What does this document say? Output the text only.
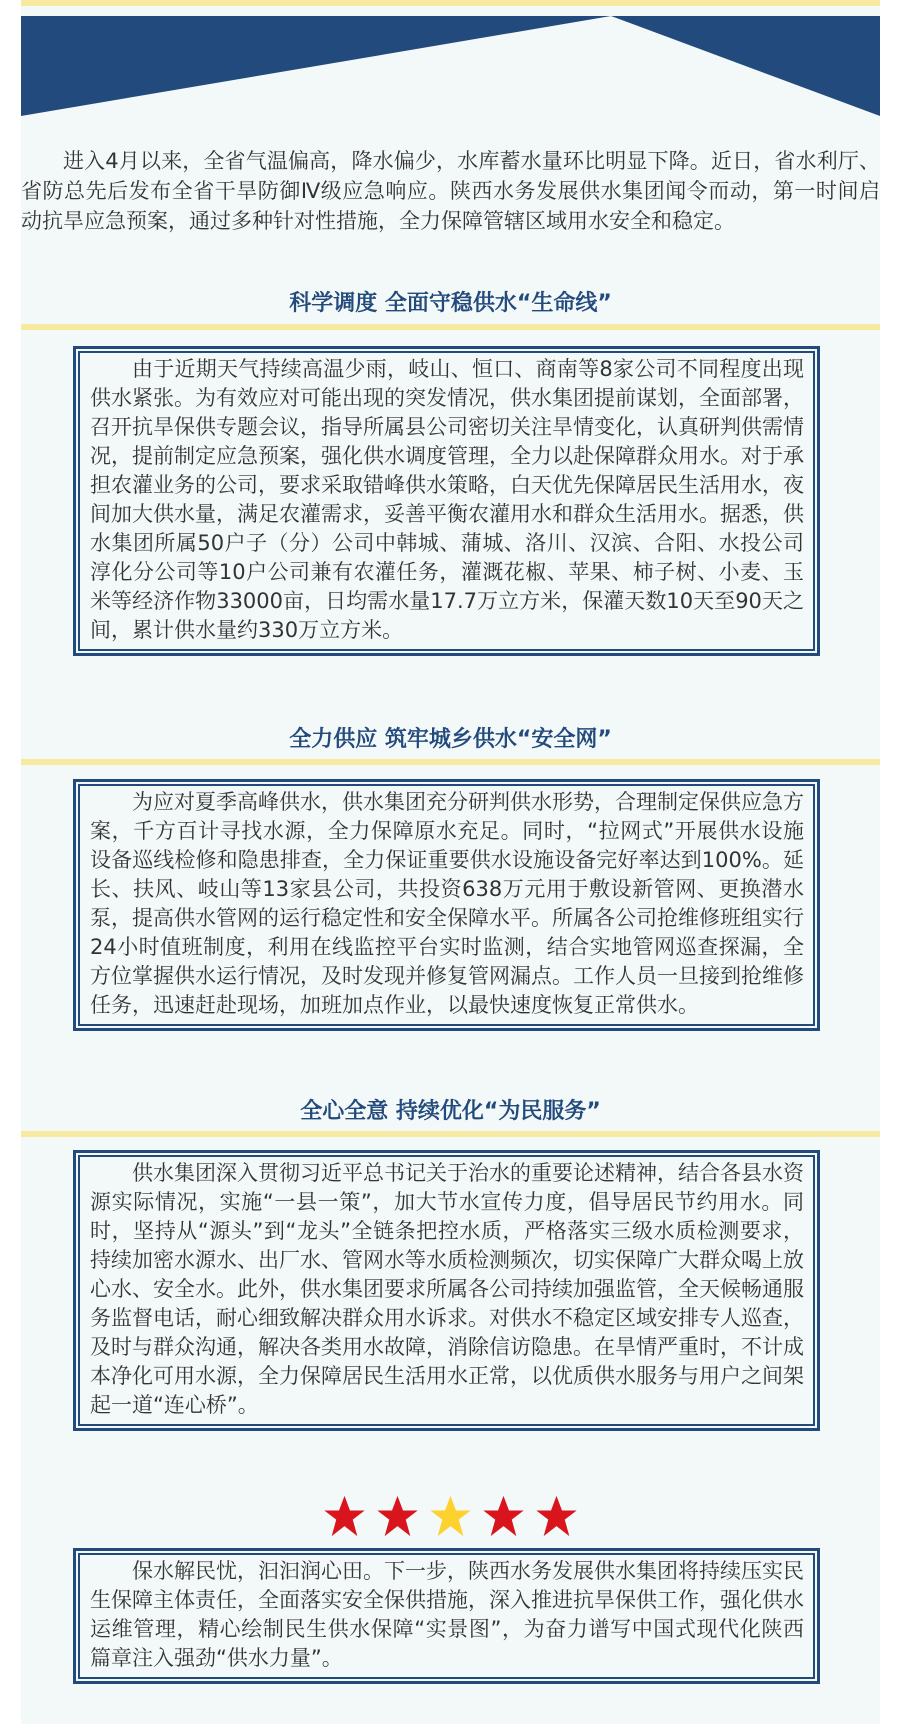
进入4月以来，全省气温偏高，降水偏少，水库蓄水量环比明显下降。近日，省水利厅、省防总先后发布全省干旱防御Ⅳ级应急响应。陕西水务发展供水集团闻令而动，第一时间启动抗旱应急预案，通过多种针对性措施，全力保障管辖区域用水安全和稳定。

科学调度 全面守稳供水“生命线”

由于近期天气持续高温少雨，岐山、恒口、商南等8家公司不同程度出现供水紧张。为有效应对可能出现的突发情况，供水集团提前谋划，全面部署，召开抗旱保供专题会议，指导所属县公司密切关注旱情变化，认真研判供需情况，提前制定应急预案，强化供水调度管理，全力以赴保障群众用水。对于承担农灌业务的公司，要求采取错峰供水策略，白天优先保障居民生活用水，夜间加大供水量，满足农灌需求，妥善平衡农灌用水和群众生活用水。据悉，供水集团所属50户子（分）公司中韩城、蒲城、洛川、汉滨、合阳、水投公司淳化分公司等10户公司兼有农灌任务，灌溉花椒、苹果、柿子树、小麦、玉米等经济作物33000亩，日均需水量17.7万立方米，保灌天数10天至90天之间，累计供水量约330万立方米。

全力供应 筑牢城乡供水“安全网”

为应对夏季高峰供水，供水集团充分研判供水形势，合理制定保供应急方案，千方百计寻找水源，全力保障原水充足。同时，“拉网式”开展供水设施设备巡线检修和隐患排查，全力保证重要供水设施设备完好率达到100%。延长、扶风、岐山等13家县公司，共投资638万元用于敷设新管网、更换潜水泵，提高供水管网的运行稳定性和安全保障水平。所属各公司抢维修班组实行24小时值班制度，利用在线监控平台实时监测，结合实地管网巡查探漏，全方位掌握供水运行情况，及时发现并修复管网漏点。工作人员一旦接到抢维修任务，迅速赶赴现场，加班加点作业，以最快速度恢复正常供水。

全心全意 持续优化“为民服务”

供水集团深入贯彻习近平总书记关于治水的重要论述精神，结合各县水资源实际情况，实施“一县一策”，加大节水宣传力度，倡导居民节约用水。同时，坚持从“源头”到“龙头”全链条把控水质，严格落实三级水质检测要求，持续加密水源水、出厂水、管网水等水质检测频次，切实保障广大群众喝上放心水、安全水。此外，供水集团要求所属各公司持续加强监管，全天候畅通服务监督电话，耐心细致解决群众用水诉求。对供水不稳定区域安排专人巡查，及时与群众沟通，解决各类用水故障，消除信访隐患。在旱情严重时，不计成本净化可用水源，全力保障居民生活用水正常，以优质供水服务与用户之间架起一道“连心桥”。

保水解民忧，汩汩润心田。下一步，陕西水务发展供水集团将持续压实民生保障主体责任，全面落实安全保供措施，深入推进抗旱保供工作，强化供水运维管理，精心绘制民生供水保障“实景图”，为奋力谱写中国式现代化陕西篇章注入强劲“供水力量”。
